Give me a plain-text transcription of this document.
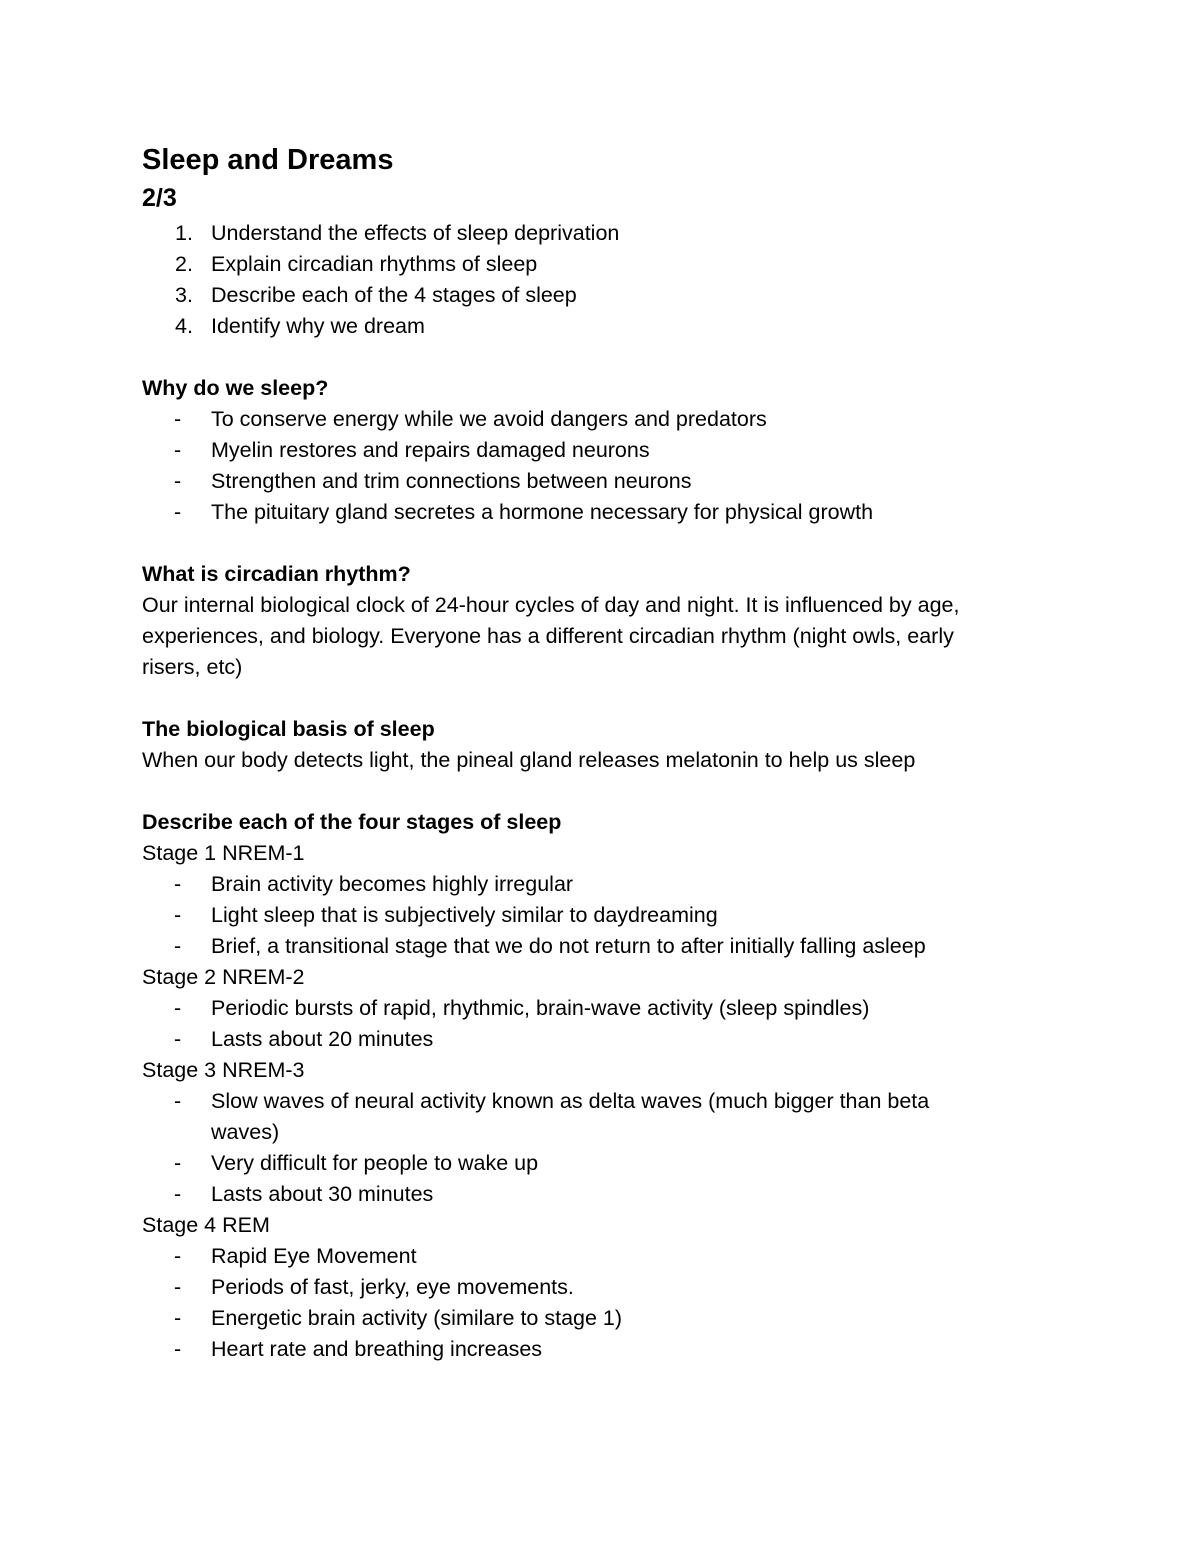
Sleep and Dreams
2/3
1. Understand the effects of sleep deprivation
2. Explain circadian rhythms of sleep
3. Describe each of the 4 stages of sleep
4. Identify why we dream

Why do we sleep?

- To conserve energy while we avoid dangers and predators
- Myelin restores and repairs damaged neurons
- Strengthen and trim connections between neurons
- The pituitary gland secretes a hormone necessary for physical growth

What is circadian rhythm?

Our internal biological clock of 24-hour cycles of day and night. It is influenced by age,

experiences, and biology. Everyone has a different circadian rhythm (night owls, early

risers, etc)

The biological basis of sleep

When our body detects light, the pineal gland releases melatonin to help us sleep

Describe each of the four stages of sleep

Stage 1 NREM-1

- Brain activity becomes highly irregular
- Light sleep that is subjectively similar to daydreaming
- Brief, a transitional stage that we do not return to after initially falling asleep

Stage 2 NREM-2

- Periodic bursts of rapid, rhythmic, brain-wave activity (sleep spindles)
- Lasts about 20 minutes

Stage 3 NREM-3

- Slow waves of neural activity known as delta waves (much bigger than beta waves)
- Very difficult for people to wake up
- Lasts about 30 minutes

Stage 4 REM

- Rapid Eye Movement
- Periods of fast, jerky, eye movements.
- Energetic brain activity (similare to stage 1)
- Heart rate and breathing increases
